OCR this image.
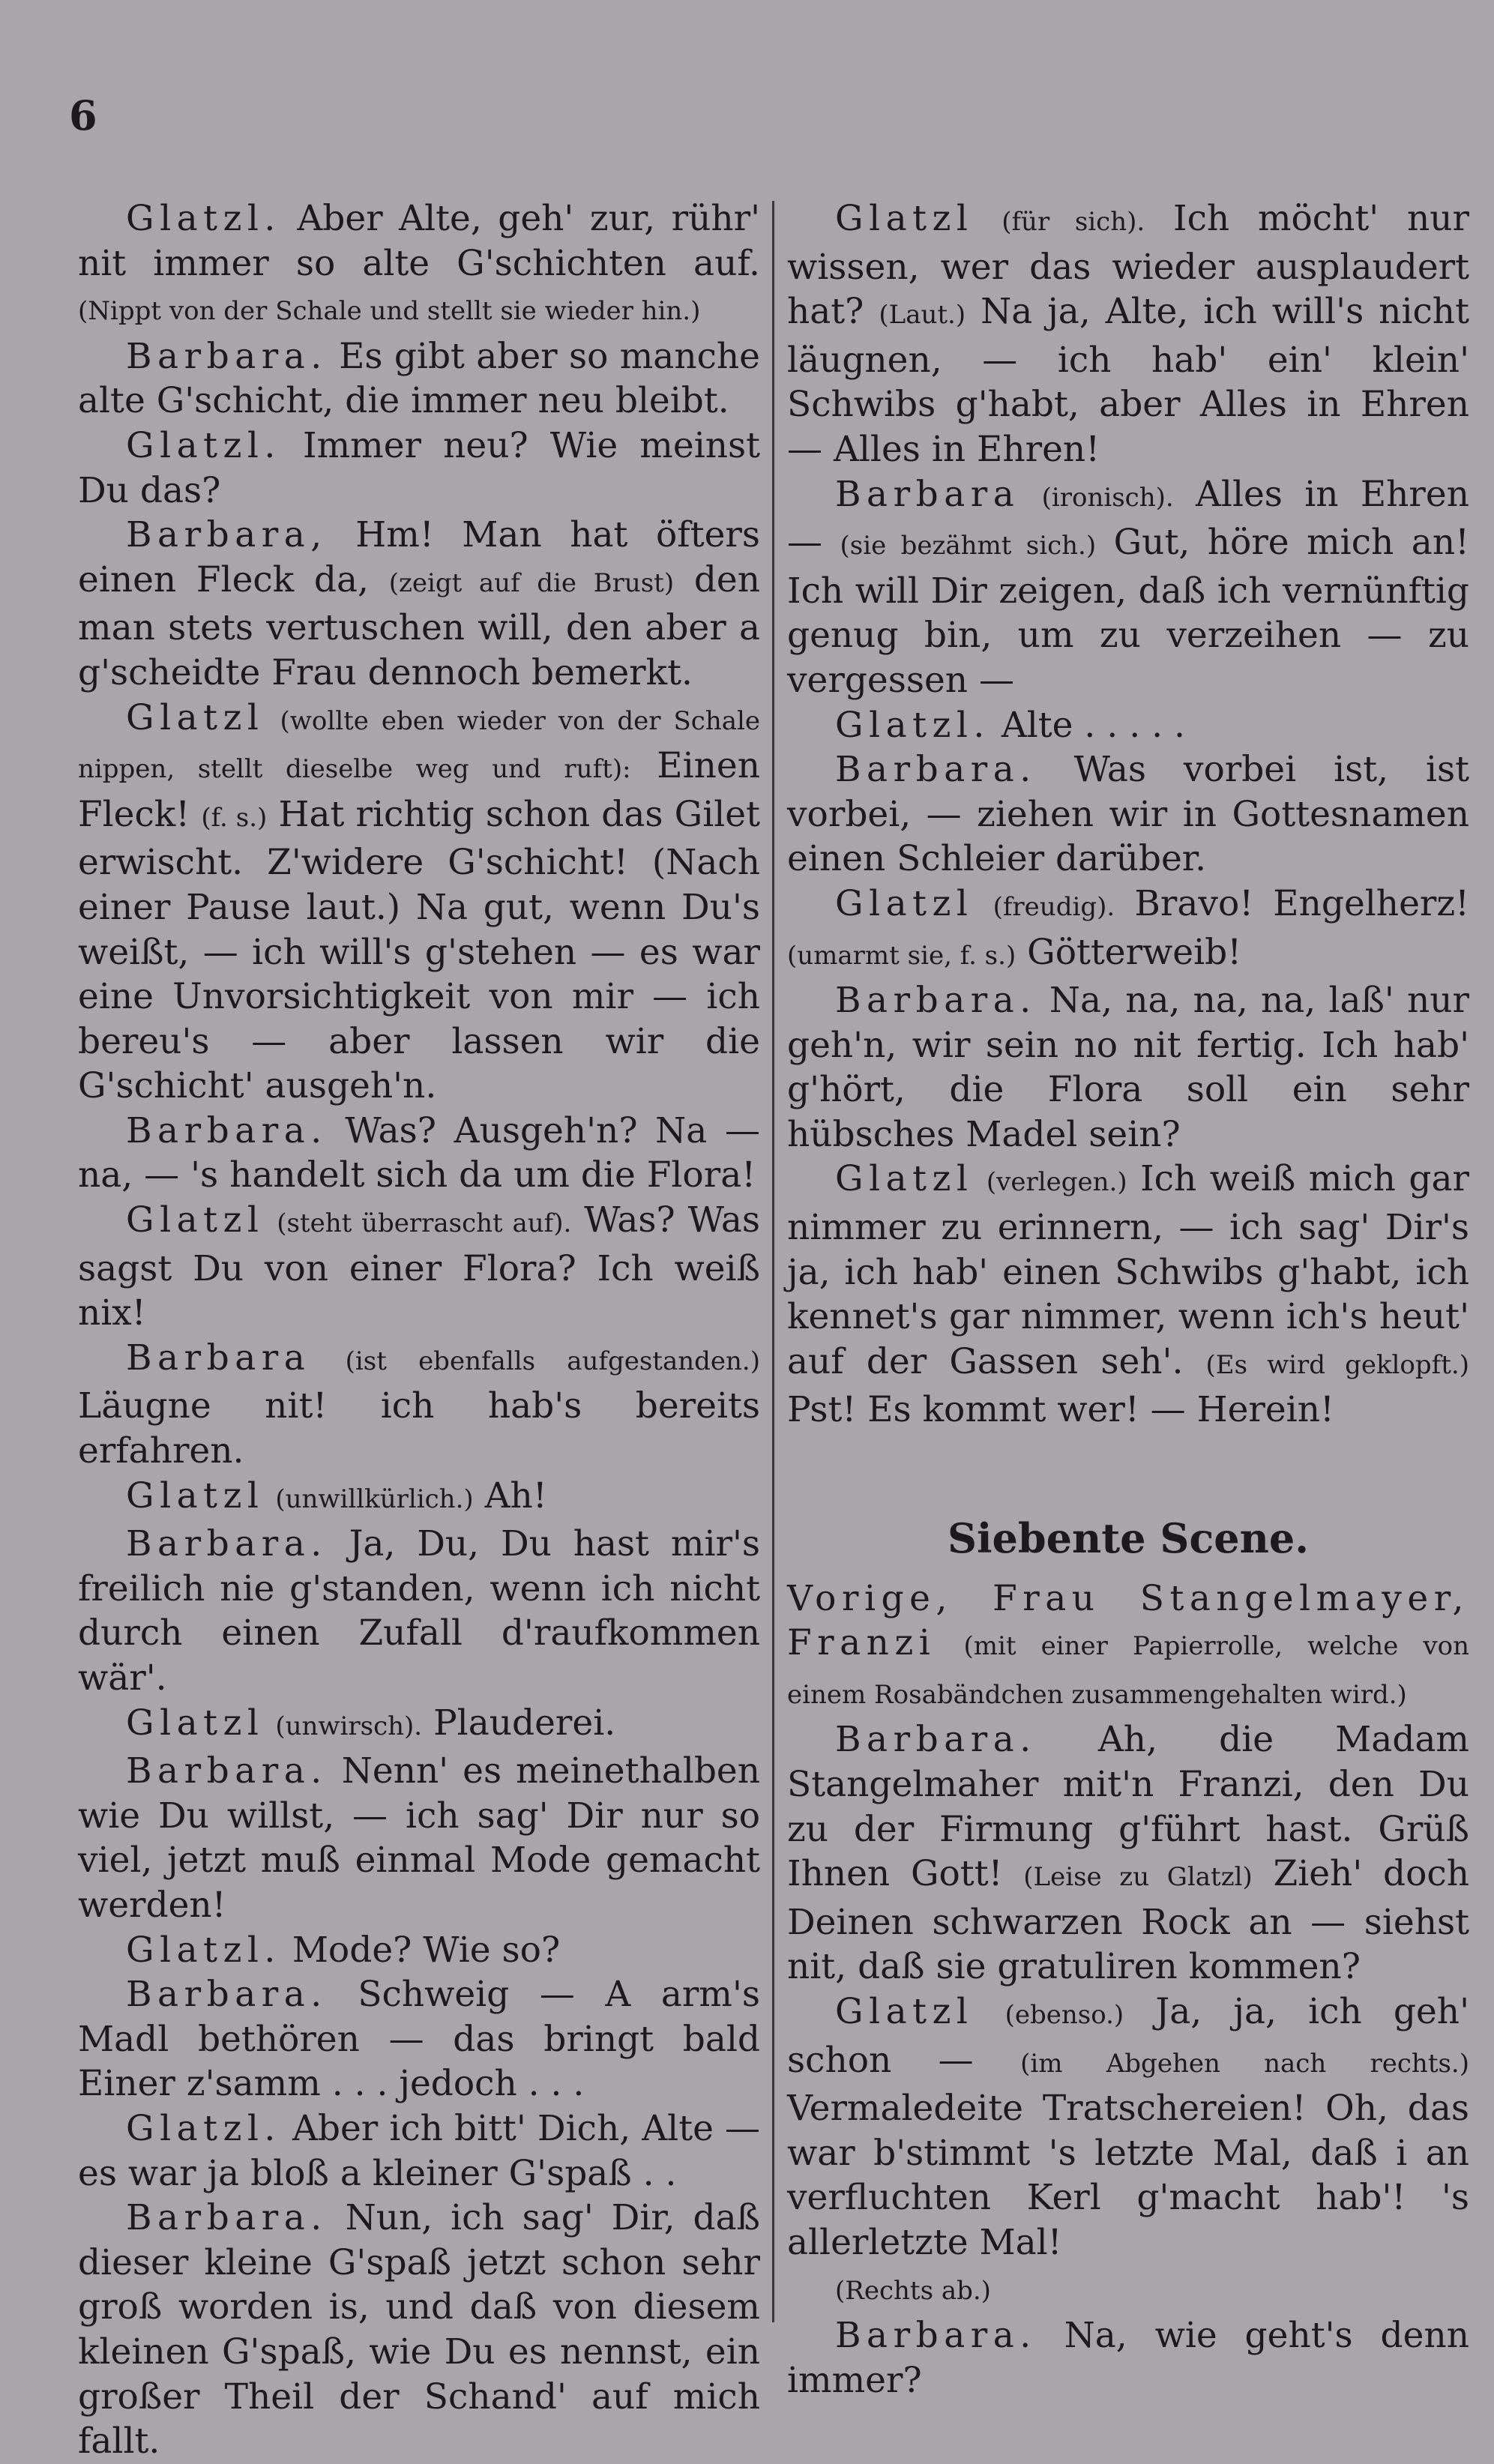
6

Glatzl. Aber Alte, geh' zur, rühr' nit immer so alte G'schichten auf. (Nippt von der Schale und stellt sie wieder hin.)

Barbara. Es gibt aber so manche alte G'schicht, die immer neu bleibt.

Glatzl. Immer neu? Wie meinst Du das?

Barbara, Hm! Man hat öfters einen Fleck da, (zeigt auf die Brust) den man stets vertuschen will, den aber a g'scheidte Frau dennoch bemerkt.

Glatzl (wollte eben wieder von der Schale nippen, stellt dieselbe weg und ruft): Einen Fleck! (f. s.) Hat richtig schon das Gilet erwischt. Z'widere G'schicht! (Nach einer Pause laut.) Na gut, wenn Du's weißt, — ich will's g'stehen — es war eine Unvorsichtigkeit von mir — ich bereu's — aber lassen wir die G'schicht' ausgeh'n.

Barbara. Was? Ausgeh'n? Na — na, — 's handelt sich da um die Flora!

Glatzl (steht überrascht auf). Was? Was sagst Du von einer Flora? Ich weiß nix!

Barbara (ist ebenfalls aufgestanden.) Läugne nit! ich hab's bereits erfahren.

Glatzl (unwillkürlich.) Ah!

Barbara. Ja, Du, Du hast mir's freilich nie g'standen, wenn ich nicht durch einen Zufall d'raufkommen wär'.

Glatzl (unwirsch). Plauderei.

Barbara. Nenn' es meinethalben wie Du willst, — ich sag' Dir nur so viel, jetzt muß einmal Mode gemacht werden!

Glatzl. Mode? Wie so?

Barbara. Schweig — A arm's Madl bethören — das bringt bald Einer z'samm . . . jedoch . . .

Glatzl. Aber ich bitt' Dich, Alte — es war ja bloß a kleiner G'spaß . .

Barbara. Nun, ich sag' Dir, daß dieser kleine G'spaß jetzt schon sehr groß worden is, und daß von diesem kleinen G'spaß, wie Du es nennst, ein großer Theil der Schand' auf mich fallt.

Glatzl (für sich). Ich möcht' nur wissen, wer das wieder ausplaudert hat? (Laut.) Na ja, Alte, ich will's nicht läugnen, — ich hab' ein' klein' Schwibs g'habt, aber Alles in Ehren — Alles in Ehren!

Barbara (ironisch). Alles in Ehren — (sie bezähmt sich.) Gut, höre mich an! Ich will Dir zeigen, daß ich vernünftig genug bin, um zu verzeihen — zu vergessen —

Glatzl. Alte . . . . .

Barbara. Was vorbei ist, ist vorbei, — ziehen wir in Gottesnamen einen Schleier darüber.

Glatzl (freudig). Bravo! Engelherz! (umarmt sie, f. s.) Götterweib!

Barbara. Na, na, na, na, laß' nur geh'n, wir sein no nit fertig. Ich hab' g'hört, die Flora soll ein sehr hübsches Madel sein?

Glatzl (verlegen.) Ich weiß mich gar nimmer zu erinnern, — ich sag' Dir's ja, ich hab' einen Schwibs g'habt, ich kennet's gar nimmer, wenn ich's heut' auf der Gassen seh'. (Es wird geklopft.) Pst! Es kommt wer! — Herein!

Siebente Scene.

Vorige, Frau Stangelmayer, Franzi (mit einer Papierrolle, welche von einem Rosabändchen zusammengehalten wird.)

Barbara. Ah, die Madam Stangelmaher mit'n Franzi, den Du zu der Firmung g'führt hast. Grüß Ihnen Gott! (Leise zu Glatzl) Zieh' doch Deinen schwarzen Rock an — siehst nit, daß sie gratuliren kommen?

Glatzl (ebenso.) Ja, ja, ich geh' schon — (im Abgehen nach rechts.) Vermaledeite Tratschereien! Oh, das war b'stimmt 's letzte Mal, daß i an verfluchten Kerl g'macht hab'! 's allerletzte Mal!

(Rechts ab.)

Barbara. Na, wie geht's denn immer?
